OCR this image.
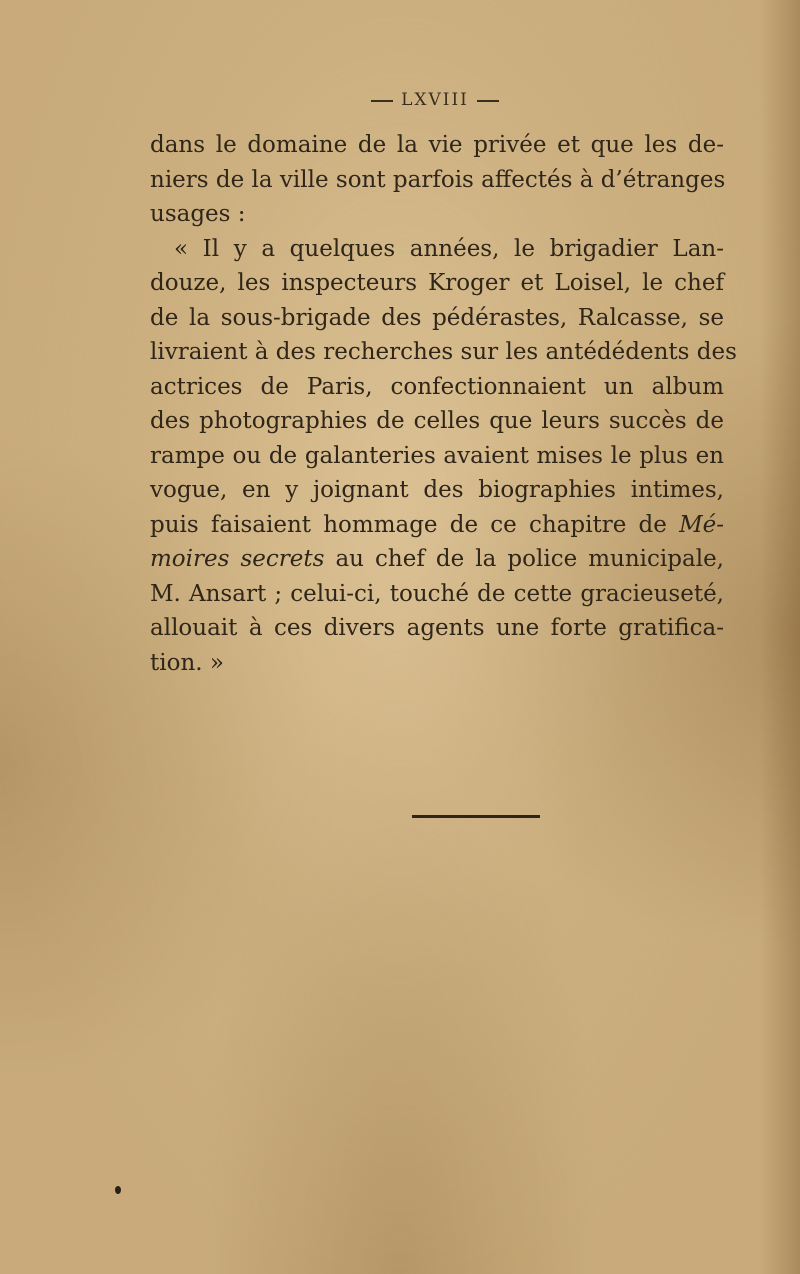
LXVIII
dans le domaine de la vie privée et que les de-
niers de la ville sont parfois affectés à d’étranges
usages :
« Il y a quelques années, le brigadier Lan-
douze, les inspecteurs Kroger et Loisel, le chef
de la sous-brigade des pédérastes, Ralcasse, se
livraient à des recherches sur les antédédents des
actrices de Paris, confectionnaient un album
des photographies de celles que leurs succès de
rampe ou de galanteries avaient mises le plus en
vogue, en y joignant des biographies intimes,
puis faisaient hommage de ce chapitre de Mé-
moires secrets au chef de la police municipale,
M. Ansart ; celui-ci, touché de cette gracieuseté,
allouait à ces divers agents une forte gratifica-
tion. »
